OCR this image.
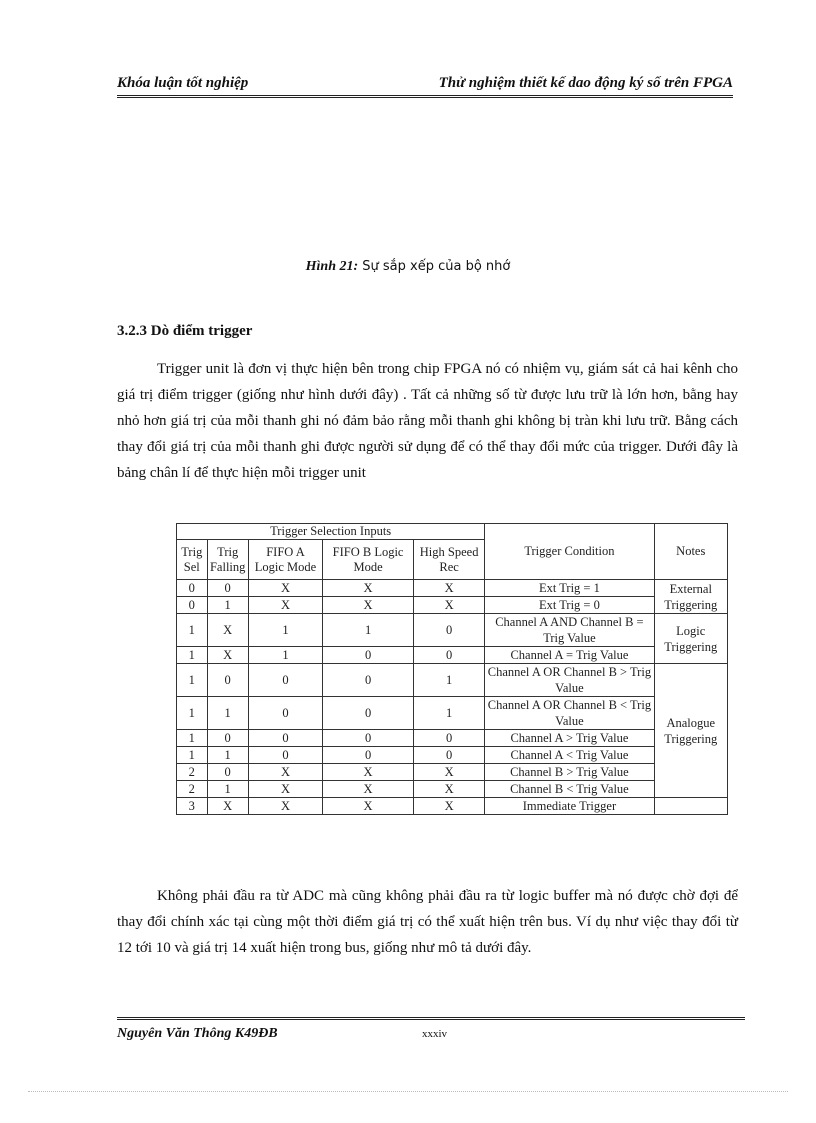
Khóa luận tốt nghiệp	Thử nghiệm thiết kế dao động ký số trên FPGA
Hình 21: Sự sắp xếp của bộ nhớ
3.2.3 Dò điểm trigger
Trigger unit là đơn vị thực hiện bên trong chip FPGA nó có nhiệm vụ, giám sát cả hai kênh cho giá trị điểm trigger (giống như hình dưới đây) . Tất cả những số từ được lưu trữ là lớn hơn, bằng hay nhỏ hơn giá trị của mỗi thanh ghi nó đảm bảo rằng mỗi thanh ghi không bị tràn khi lưu trữ. Bằng cách thay đổi giá trị của mỗi thanh ghi được người sử dụng để có thể thay đổi mức của trigger. Dưới đây là bảng chân lí để thực hiện mỗi trigger unit
Trigger Selection Inputs					Trigger Condition	Notes
Trig Sel	Trig Falling	FIFO A Logic Mode	FIFO B Logic Mode	High Speed Rec		
0	0	X	X	X	Ext Trig = 1	External Triggering
0	1	X	X	X	Ext Trig = 0	
1	X	1	1	0	Channel A AND Channel B = Trig Value	Logic Triggering
1	X	1	0	0	Channel A = Trig Value	
1	0	0	0	1	Channel A OR Channel B > Trig Value	Analogue Triggering
1	1	0	0	1	Channel A OR Channel B < Trig Value	
1	0	0	0	0	Channel A > Trig Value	
1	1	0	0	0	Channel A < Trig Value	
2	0	X	X	X	Channel B > Trig Value	
2	1	X	X	X	Channel B < Trig Value	
3	X	X	X	X	Immediate Trigger	
Không phải đầu ra từ ADC mà cũng không phải đầu ra từ logic buffer mà nó được chờ đợi để thay đổi chính xác tại cùng một thời điểm giá trị có thể xuất hiện trên bus. Ví dụ như việc thay đổi từ 12 tới 10 và giá trị 14 xuất hiện trong bus, giống như mô tả dưới đây.
Nguyên Văn Thông K49ĐB	xxxiv
